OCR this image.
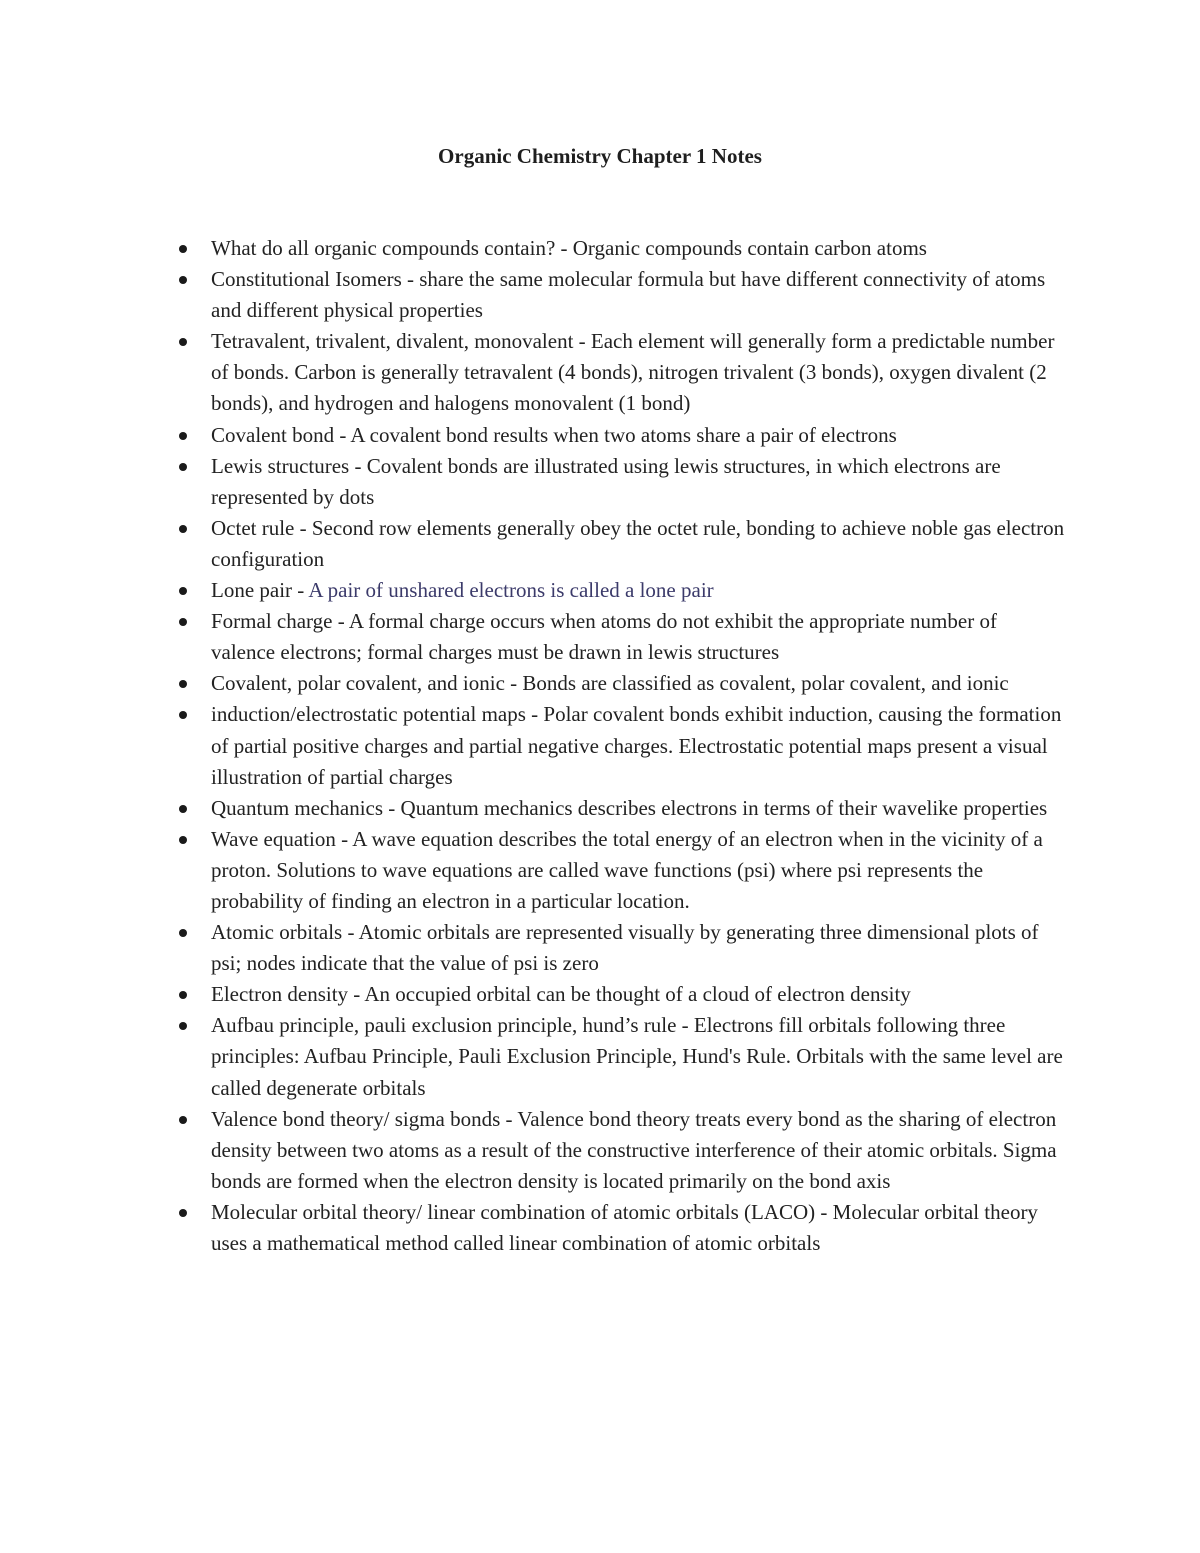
Organic Chemistry Chapter 1 Notes
What do all organic compounds contain? - Organic compounds contain carbon atoms
Constitutional Isomers - share the same molecular formula but have different connectivity of atoms and different physical properties
Tetravalent, trivalent, divalent, monovalent - Each element will generally form a predictable number of bonds. Carbon is generally tetravalent (4 bonds), nitrogen trivalent (3 bonds), oxygen divalent (2 bonds), and hydrogen and halogens monovalent (1 bond)
Covalent bond - A covalent bond results when two atoms share a pair of electrons
Lewis structures - Covalent bonds are illustrated using lewis structures, in which electrons are represented by dots
Octet rule - Second row elements generally obey the octet rule, bonding to achieve noble gas electron configuration
Lone pair - A pair of unshared electrons is called a lone pair
Formal charge - A formal charge occurs when atoms do not exhibit the appropriate number of valence electrons; formal charges must be drawn in lewis structures
Covalent, polar covalent, and ionic - Bonds are classified as covalent, polar covalent, and ionic
induction/electrostatic potential maps - Polar covalent bonds exhibit induction, causing the formation of partial positive charges and partial negative charges. Electrostatic potential maps present a visual illustration of partial charges
Quantum mechanics - Quantum mechanics describes electrons in terms of their wavelike properties
Wave equation - A wave equation describes the total energy of an electron when in the vicinity of a proton. Solutions to wave equations are called wave functions (psi) where psi represents the probability of finding an electron in a particular location.
Atomic orbitals - Atomic orbitals are represented visually by generating three dimensional plots of psi; nodes indicate that the value of psi is zero
Electron density - An occupied orbital can be thought of a cloud of electron density
Aufbau principle, pauli exclusion principle, hund’s rule - Electrons fill orbitals following three principles: Aufbau Principle, Pauli Exclusion Principle, Hund's Rule. Orbitals with the same level are called degenerate orbitals
Valence bond theory/ sigma bonds - Valence bond theory treats every bond as the sharing of electron density between two atoms as a result of the constructive interference of their atomic orbitals. Sigma bonds are formed when the electron density is located primarily on the bond axis
Molecular orbital theory/ linear combination of atomic orbitals (LACO) - Molecular orbital theory uses a mathematical method called linear combination of atomic orbitals
